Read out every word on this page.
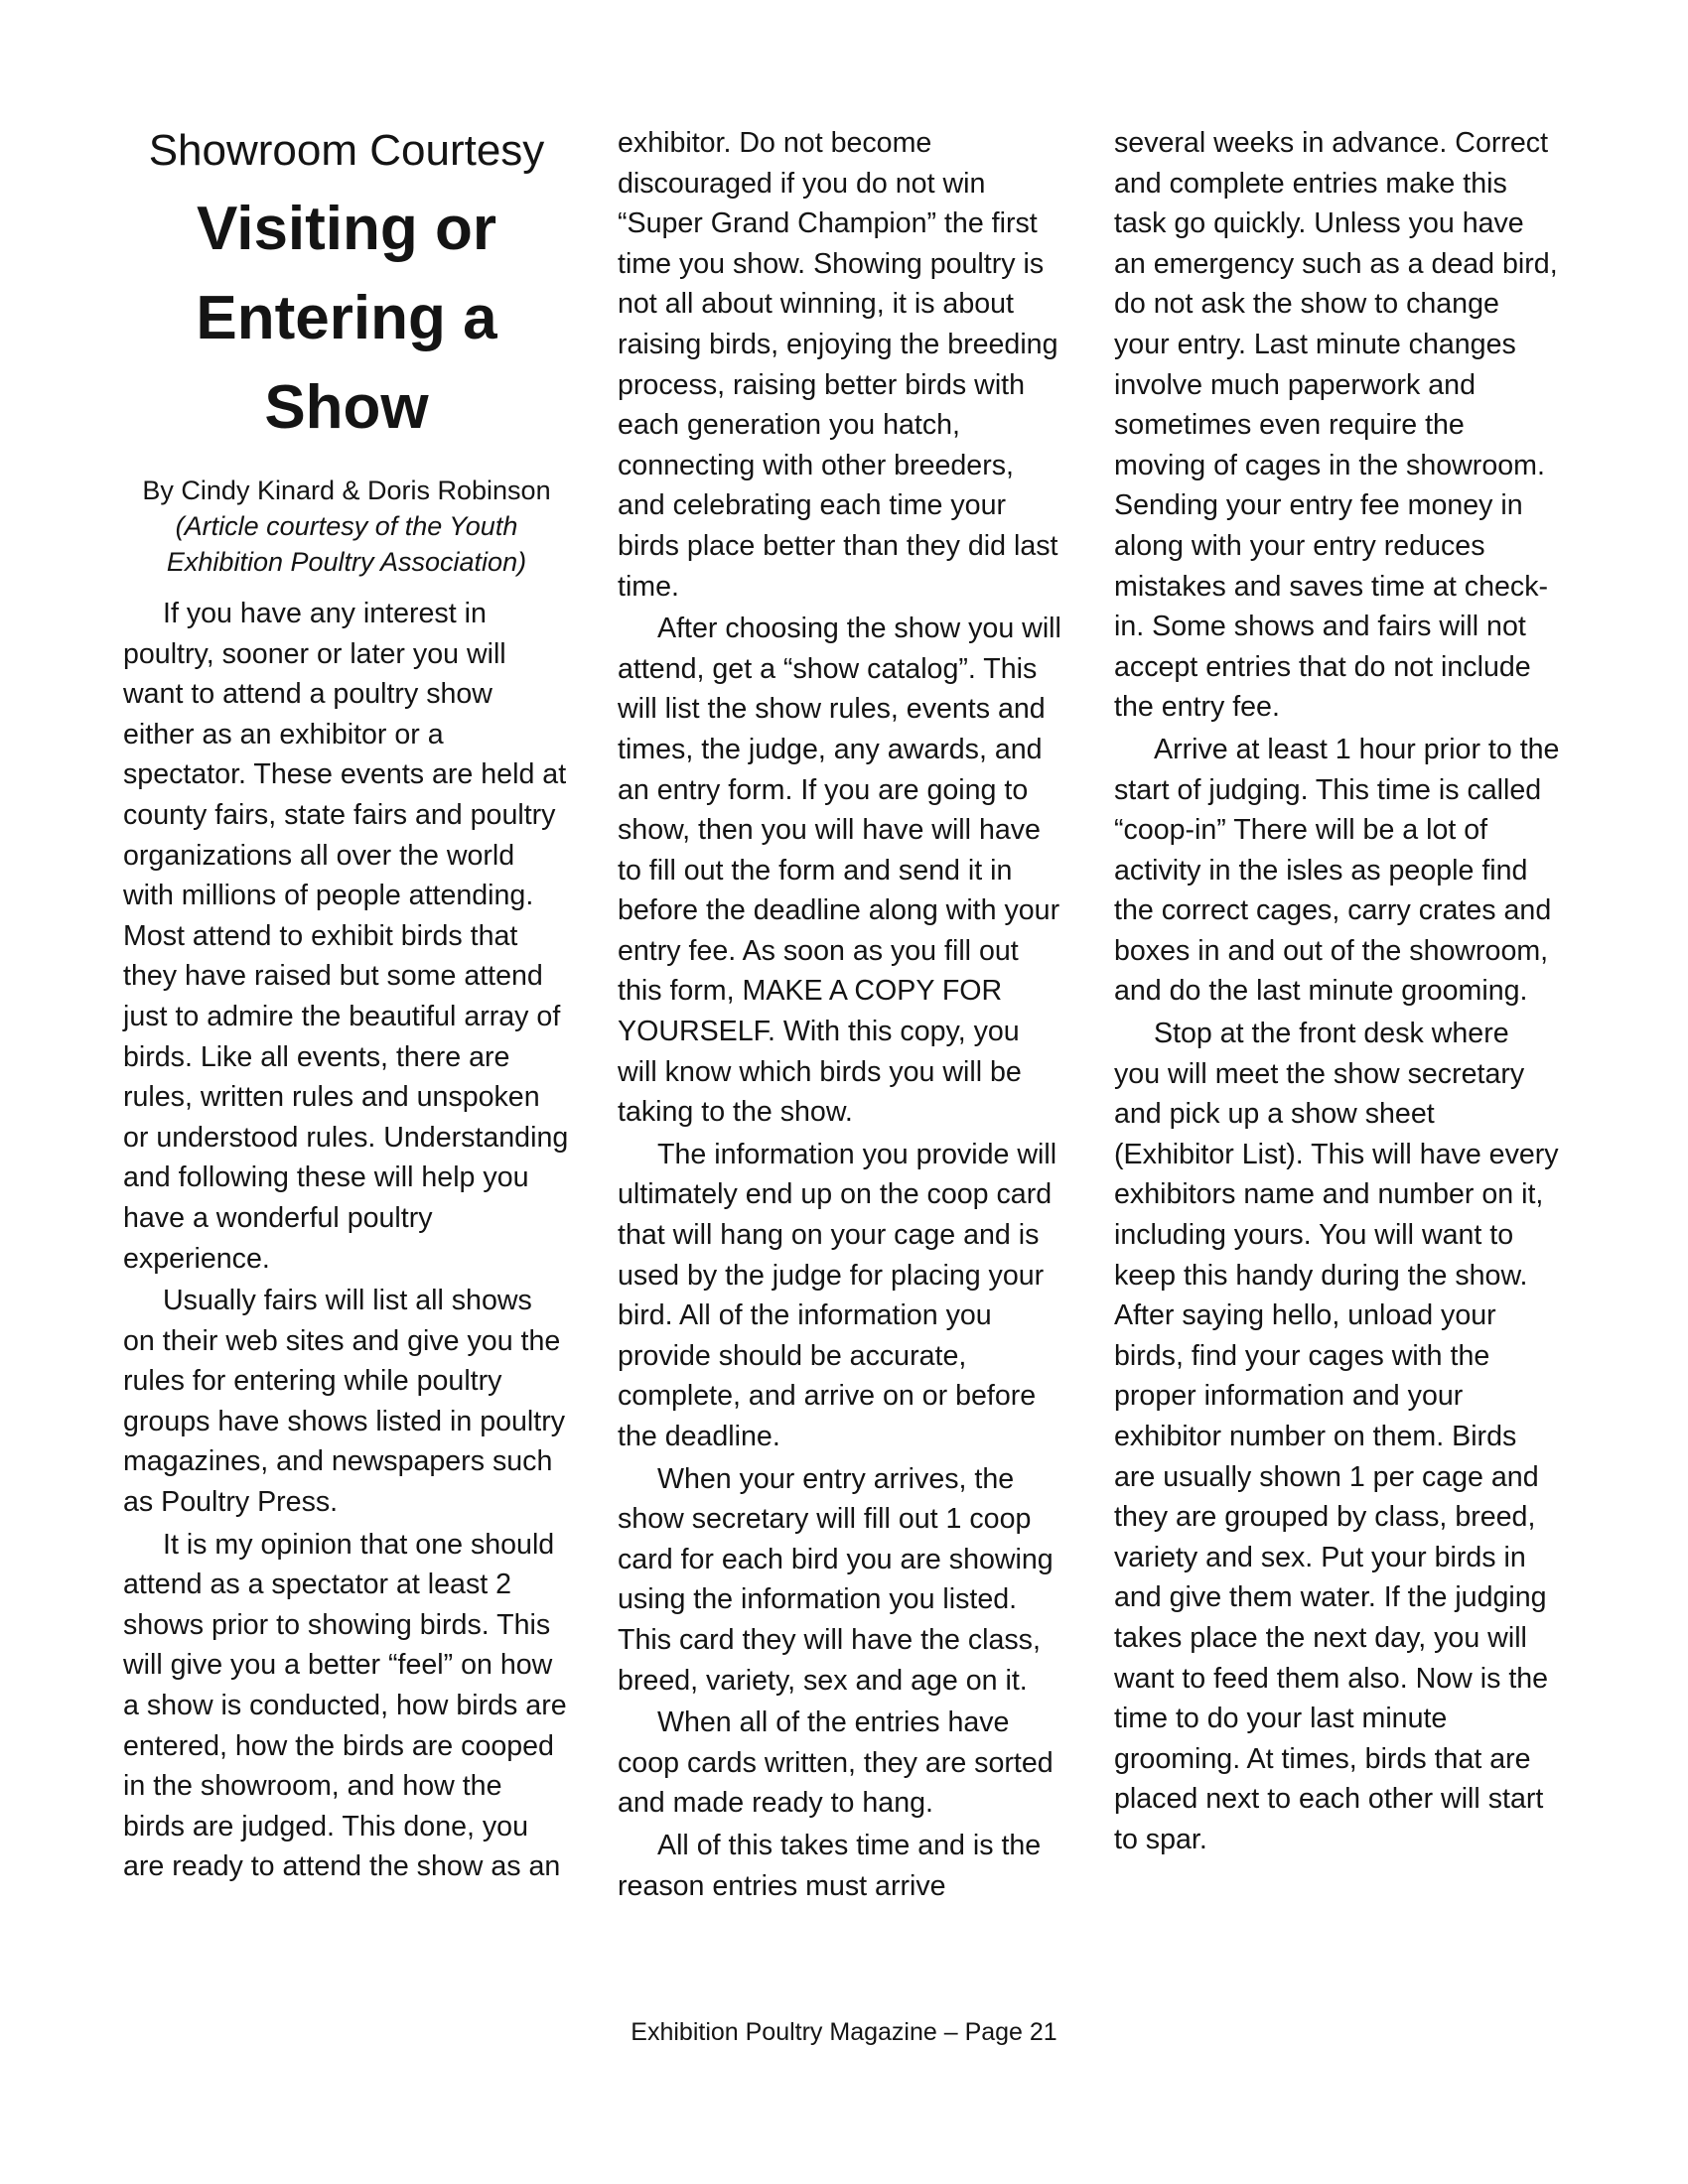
Showroom Courtesy
Visiting or
Entering a
Show
By Cindy Kinard & Doris Robinson
(Article courtesy of the Youth
Exhibition Poultry Association)

If you have any interest in poultry, sooner or later you will want to attend a poultry show either as an exhibitor or a spectator. These events are held at county fairs, state fairs and poultry organizations all over the world with millions of people attending. Most attend to exhibit birds that they have raised but some attend just to admire the beautiful array of birds. Like all events, there are rules, written rules and unspoken or understood rules. Understanding and following these will help you have a wonderful poultry experience.

Usually fairs will list all shows on their web sites and give you the rules for entering while poultry groups have shows listed in poultry magazines, and newspapers such as Poultry Press.

It is my opinion that one should attend as a spectator at least 2 shows prior to showing birds. This will give you a better “feel” on how a show is conducted, how birds are entered, how the birds are cooped in the showroom, and how the birds are judged. This done, you are ready to attend the show as an

exhibitor. Do not become discouraged if you do not win “Super Grand Champion” the first time you show. Showing poultry is not all about winning, it is about raising birds, enjoying the breeding process, raising better birds with each generation you hatch, connecting with other breeders, and celebrating each time your birds place better than they did last time.

After choosing the show you will attend, get a “show catalog”. This will list the show rules, events and times, the judge, any awards, and an entry form. If you are going to show, then you will have will have to fill out the form and send it in before the deadline along with your entry fee. As soon as you fill out this form, MAKE A COPY FOR YOURSELF. With this copy, you will know which birds you will be taking to the show.

The information you provide will ultimately end up on the coop card that will hang on your cage and is used by the judge for placing your bird. All of the information you provide should be accurate, complete, and arrive on or before the deadline.

When your entry arrives, the show secretary will fill out 1 coop card for each bird you are showing using the information you listed. This card they will have the class, breed, variety, sex and age on it.

When all of the entries have coop cards written, they are sorted and made ready to hang.

All of this takes time and is the reason entries must arrive

several weeks in advance. Correct and complete entries make this task go quickly. Unless you have an emergency such as a dead bird, do not ask the show to change your entry. Last minute changes involve much paperwork and sometimes even require the moving of cages in the showroom. Sending your entry fee money in along with your entry reduces mistakes and saves time at check-in. Some shows and fairs will not accept entries that do not include the entry fee.

Arrive at least 1 hour prior to the start of judging. This time is called “coop-in” There will be a lot of activity in the isles as people find the correct cages, carry crates and boxes in and out of the showroom, and do the last minute grooming.

Stop at the front desk where you will meet the show secretary and pick up a show sheet (Exhibitor List). This will have every exhibitors name and number on it, including yours. You will want to keep this handy during the show. After saying hello, unload your birds, find your cages with the proper information and your exhibitor number on them. Birds are usually shown 1 per cage and they are grouped by class, breed, variety and sex. Put your birds in and give them water. If the judging takes place the next day, you will want to feed them also. Now is the time to do your last minute grooming. At times, birds that are placed next to each other will start to spar.

Exhibition Poultry Magazine – Page 21
